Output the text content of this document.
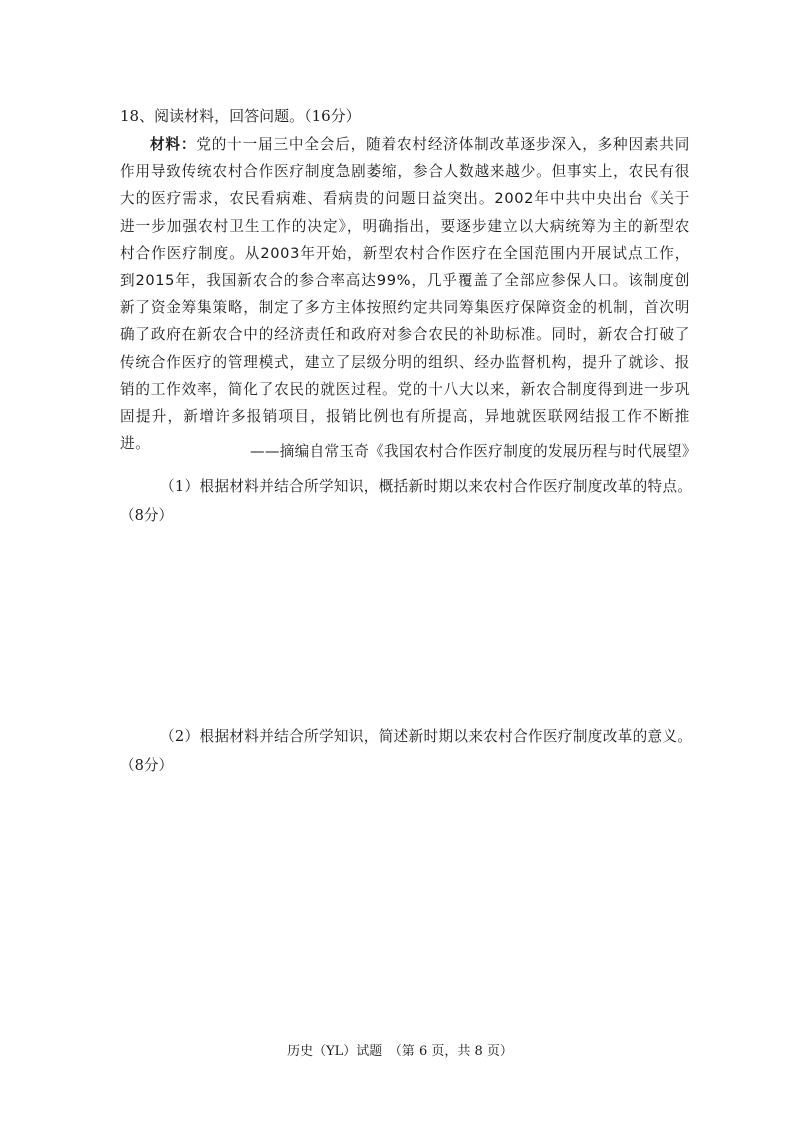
18、阅读材料，回答问题。（16分）

材料：党的十一届三中全会后，随着农村经济体制改革逐步深入，多种因素共同作用导致传统农村合作医疗制度急剧萎缩，参合人数越来越少。但事实上，农民有很大的医疗需求，农民看病难、看病贵的问题日益突出。2002年中共中央出台《关于进一步加强农村卫生工作的决定》，明确指出，要逐步建立以大病统筹为主的新型农村合作医疗制度。从2003年开始，新型农村合作医疗在全国范围内开展试点工作，到2015年，我国新农合的参合率高达99%，几乎覆盖了全部应参保人口。该制度创新了资金筹集策略，制定了多方主体按照约定共同筹集医疗保障资金的机制，首次明确了政府在新农合中的经济责任和政府对参合农民的补助标准。同时，新农合打破了传统合作医疗的管理模式，建立了层级分明的组织、经办监督机构，提升了就诊、报销的工作效率，简化了农民的就医过程。党的十八大以来，新农合制度得到进一步巩固提升，新增许多报销项目，报销比例也有所提高，异地就医联网结报工作不断推进。	——摘编自常玉奇《我国农村合作医疗制度的发展历程与时代展望》

（1）根据材料并结合所学知识，概括新时期以来农村合作医疗制度改革的特点。（8分）

（2）根据材料并结合所学知识，简述新时期以来农村合作医疗制度改革的意义。（8分）

历史（YL）试题　（第 6 页，共 8 页）
